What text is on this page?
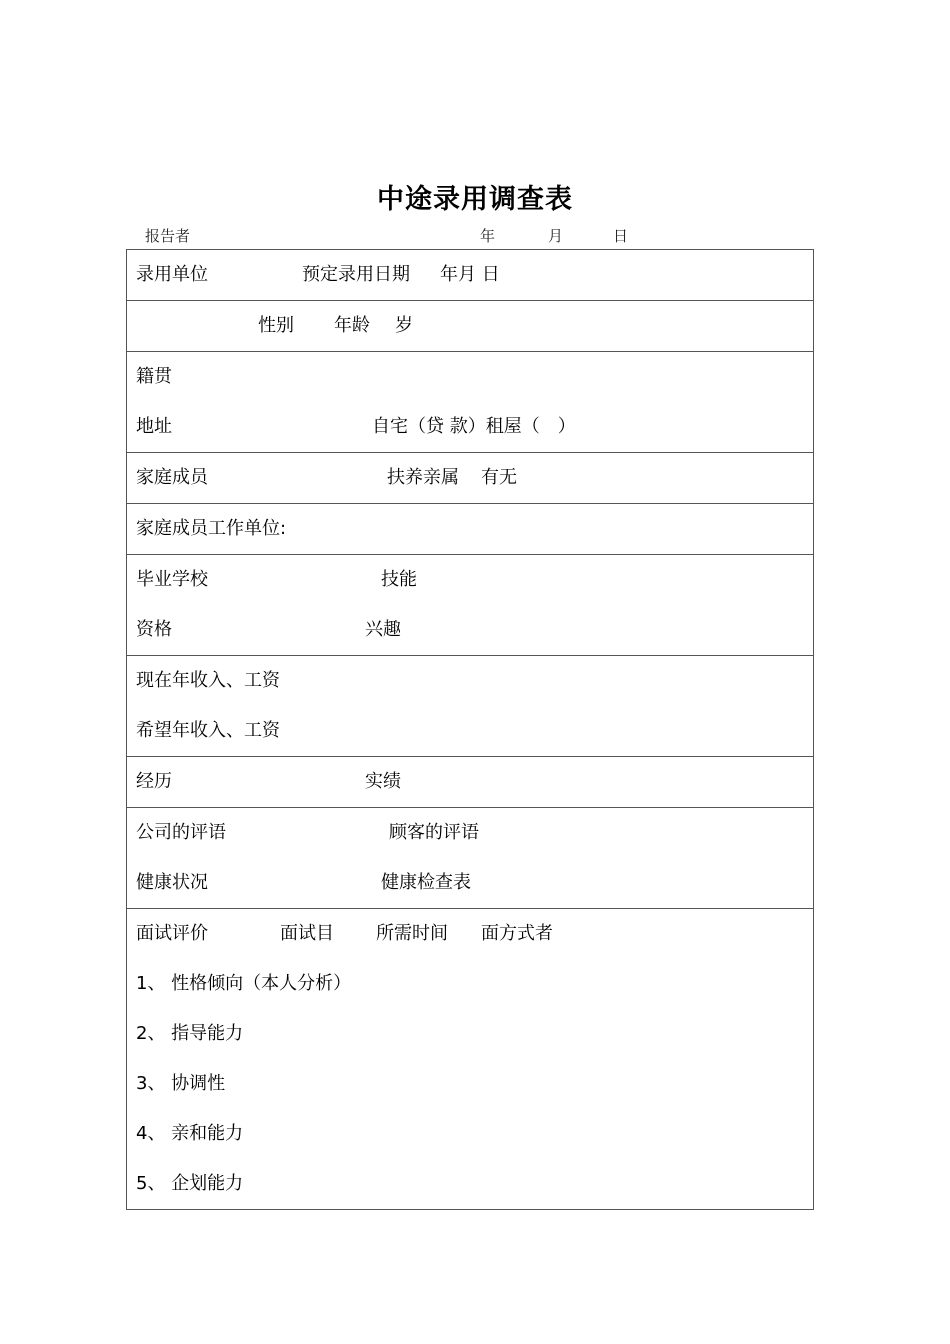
中途录用调查表
报告者	年	月	日
录用单位	预定录用日期 年月 日
性别 年龄 岁
籍贯
地址	自宅（贷 款）租屋（　）
家庭成员	扶养亲属 有无
家庭成员工作单位:
毕业学校	技能
资格	兴趣
现在年收入、工资
希望年收入、工资
经历	实绩
公司的评语	顾客的评语
健康状况	健康检查表
面试评价	面试目 所需时间 面方式者
1、 性格倾向（本人分析）
2、 指导能力
3、 协调性
4、 亲和能力
5、 企划能力
